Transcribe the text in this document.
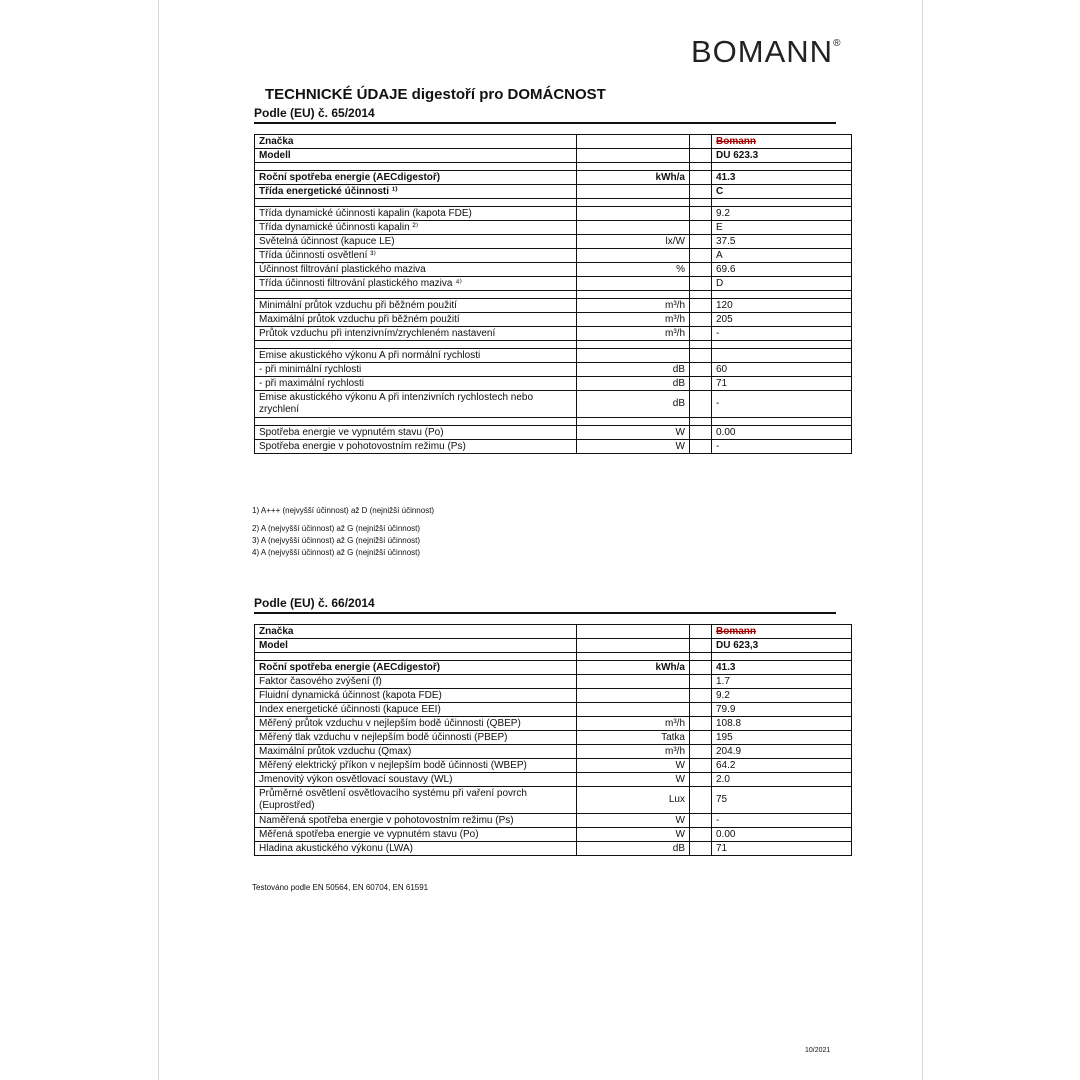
BOMANN®
TECHNICKÉ ÚDAJE digestoří pro DOMÁCNOST
Podle (EU) č. 65/2014
Značka			Bomann
Modell			DU 623.3

Roční spotřeba energie (AECdigestoř)	kWh/a		41.3
Třída energetické účinnosti ¹⁾			C

Třída dynamické účinnosti kapalin (kapota FDE)			9.2
Třída dynamické účinnosti kapalin ²⁾			E
Světelná účinnost (kapuce LE)	lx/W		37.5
Třída účinnosti osvětlení ³⁾			A
Účinnost filtrování plastického maziva	%		69.6
Třída účinnosti filtrování plastického maziva ⁴⁾			D

Minimální průtok vzduchu při běžném použití	m³/h		120
Maximální průtok vzduchu při běžném použití	m³/h		205
Průtok vzduchu při intenzivním/zrychleném nastavení	m³/h		-

Emise akustického výkonu A při normální rychlosti			
- při minimální rychlosti	dB		60
- při maximální rychlosti	dB		71
Emise akustického výkonu A při intenzivních rychlostech nebo zrychlení	dB		-

Spotřeba energie ve vypnutém stavu (Po)	W		0.00
Spotřeba energie v pohotovostním režimu (Ps)	W		-
1) A+++ (nejvyšší účinnost) až D (nejnižší účinnost)
2) A (nejvyšší účinnost) až G (nejnižší účinnost)
3) A (nejvyšší účinnost) až G (nejnižší účinnost)
4) A (nejvyšší účinnost) až G (nejnižší účinnost)
Podle (EU) č. 66/2014
Značka			Bomann
Model			DU 623,3

Roční spotřeba energie (AECdigestoř)	kWh/a		41.3
Faktor časového zvýšení (f)			1.7
Fluidní dynamická účinnost (kapota FDE)			9.2
Index energetické účinnosti (kapuce EEI)			79.9
Měřený průtok vzduchu v nejlepším bodě účinnosti (QBEP)	m³/h		108.8
Měřený tlak vzduchu v nejlepším bodě účinnosti (PBEP)	Tatka		195
Maximální průtok vzduchu (Qmax)	m³/h		204.9
Měřený elektrický příkon v nejlepším bodě účinnosti (WBEP)	W		64.2
Jmenovitý výkon osvětlovací soustavy (WL)	W		2.0
Průměrné osvětlení osvětlovacího systému při vaření povrch (Euprostřed)	Lux		75
Naměřená spotřeba energie v pohotovostním režimu (Ps)	W		-
Měřená spotřeba energie ve vypnutém stavu (Po)	W		0.00
Hladina akustického výkonu (LWA)	dB		71
Testováno podle EN 50564, EN 60704, EN 61591
10/2021
